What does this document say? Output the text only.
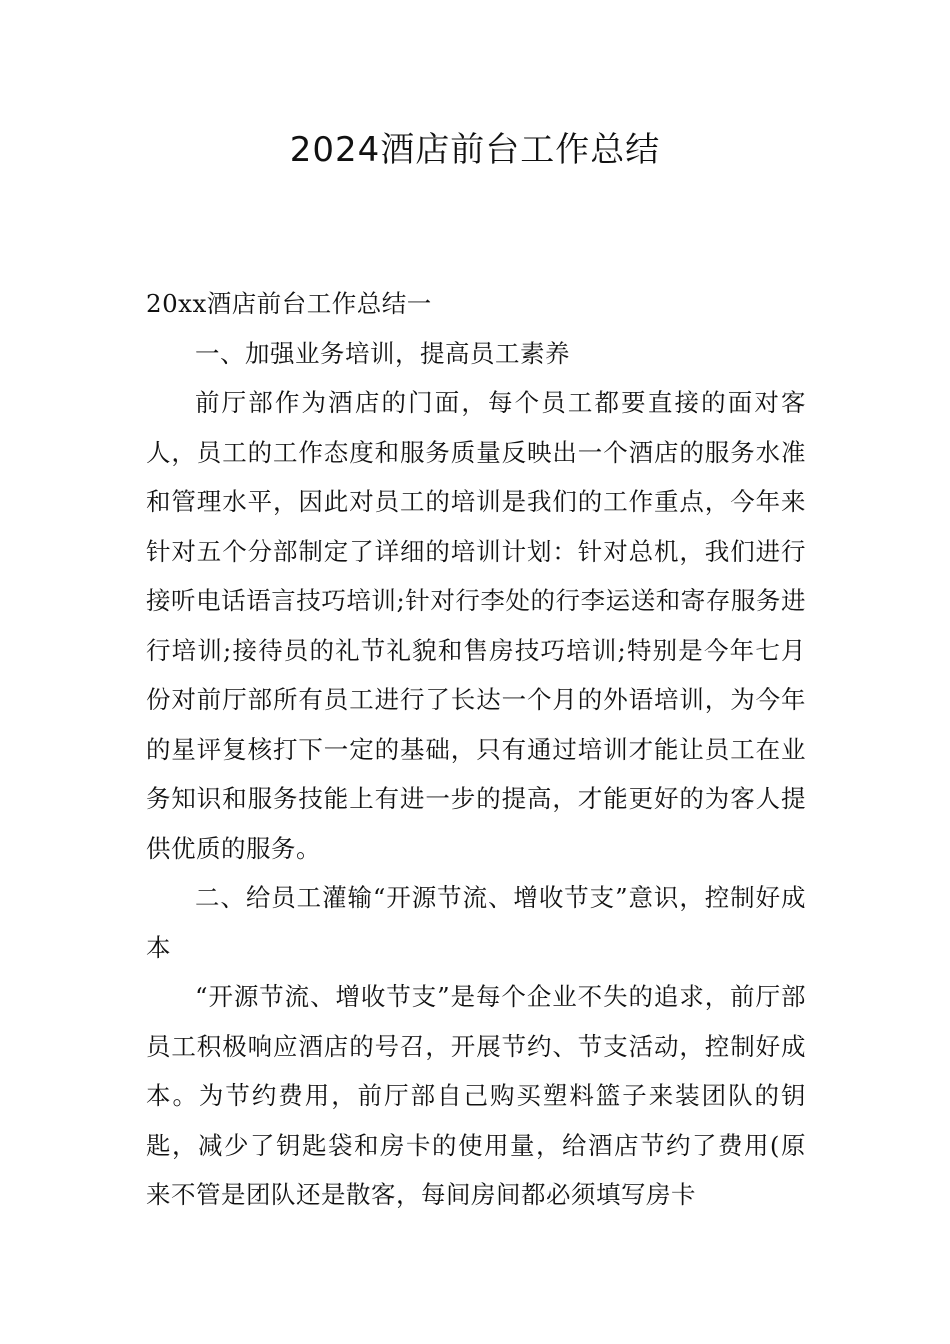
2024酒店前台工作总结

20xx酒店前台工作总结一

一、加强业务培训，提高员工素养

前厅部作为酒店的门面，每个员工都要直接的面对客人，员工的工作态度和服务质量反映出一个酒店的服务水准和管理水平，因此对员工的培训是我们的工作重点，今年来针对五个分部制定了详细的培训计划：针对总机，我们进行接听电话语言技巧培训;针对行李处的行李运送和寄存服务进行培训;接待员的礼节礼貌和售房技巧培训;特别是今年七月份对前厅部所有员工进行了长达一个月的外语培训，为今年的星评复核打下一定的基础，只有通过培训才能让员工在业务知识和服务技能上有进一步的提高，才能更好的为客人提供优质的服务。

二、给员工灌输“开源节流、增收节支”意识，控制好成本

“开源节流、增收节支”是每个企业不失的追求，前厅部员工积极响应酒店的号召，开展节约、节支活动，控制好成本。为节约费用，前厅部自己购买塑料篮子来装团队的钥匙，减少了钥匙袋和房卡的使用量，给酒店节约了费用(原来不管是团队还是散客，每间房间都必须填写房卡
